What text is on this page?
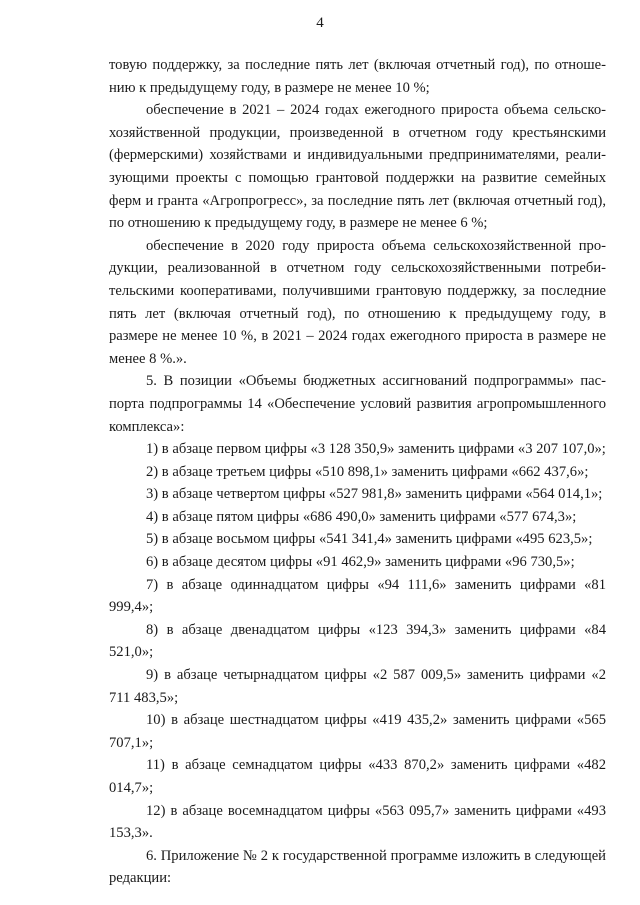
4

товую поддержку, за последние пять лет (включая отчетный год), по отношению к предыдущему году, в размере не менее 10 %;

обеспечение в 2021 – 2024 годах ежегодного прироста объема сельскохозяйственной продукции, произведенной в отчетном году крестьянскими (фермерскими) хозяйствами и индивидуальными предпринимателями, реализующими проекты с помощью грантовой поддержки на развитие семейных ферм и гранта «Агропрогресс», за последние пять лет (включая отчетный год), по отношению к предыдущему году, в размере не менее 6 %;

обеспечение в 2020 году прироста объема сельскохозяйственной продукции, реализованной в отчетном году сельскохозяйственными потребительскими кооперативами, получившими грантовую поддержку, за последние пять лет (включая отчетный год), по отношению к предыдущему году, в размере не менее 10 %, в 2021 – 2024 годах ежегодного прироста в размере не менее 8 %.».

5. В позиции «Объемы бюджетных ассигнований подпрограммы» паспорта подпрограммы 14 «Обеспечение условий развития агропромышленного комплекса»:

1) в абзаце первом цифры «3 128 350,9» заменить цифрами «3 207 107,0»;

2) в абзаце третьем цифры «510 898,1» заменить цифрами «662 437,6»;

3) в абзаце четвертом цифры «527 981,8» заменить цифрами «564 014,1»;

4) в абзаце пятом цифры «686 490,0» заменить цифрами «577 674,3»;

5) в абзаце восьмом цифры «541 341,4» заменить цифрами «495 623,5»;

6) в абзаце десятом цифры «91 462,9» заменить цифрами «96 730,5»;

7) в абзаце одиннадцатом цифры «94 111,6» заменить цифрами «81 999,4»;

8) в абзаце двенадцатом цифры «123 394,3» заменить цифрами «84 521,0»;

9) в абзаце четырнадцатом цифры «2 587 009,5» заменить цифрами «2 711 483,5»;

10) в абзаце шестнадцатом цифры «419 435,2» заменить цифрами «565 707,1»;

11) в абзаце семнадцатом цифры «433 870,2» заменить цифрами «482 014,7»;

12) в абзаце восемнадцатом цифры «563 095,7» заменить цифрами «493 153,3».

6. Приложение № 2 к государственной программе изложить в следующей редакции:
